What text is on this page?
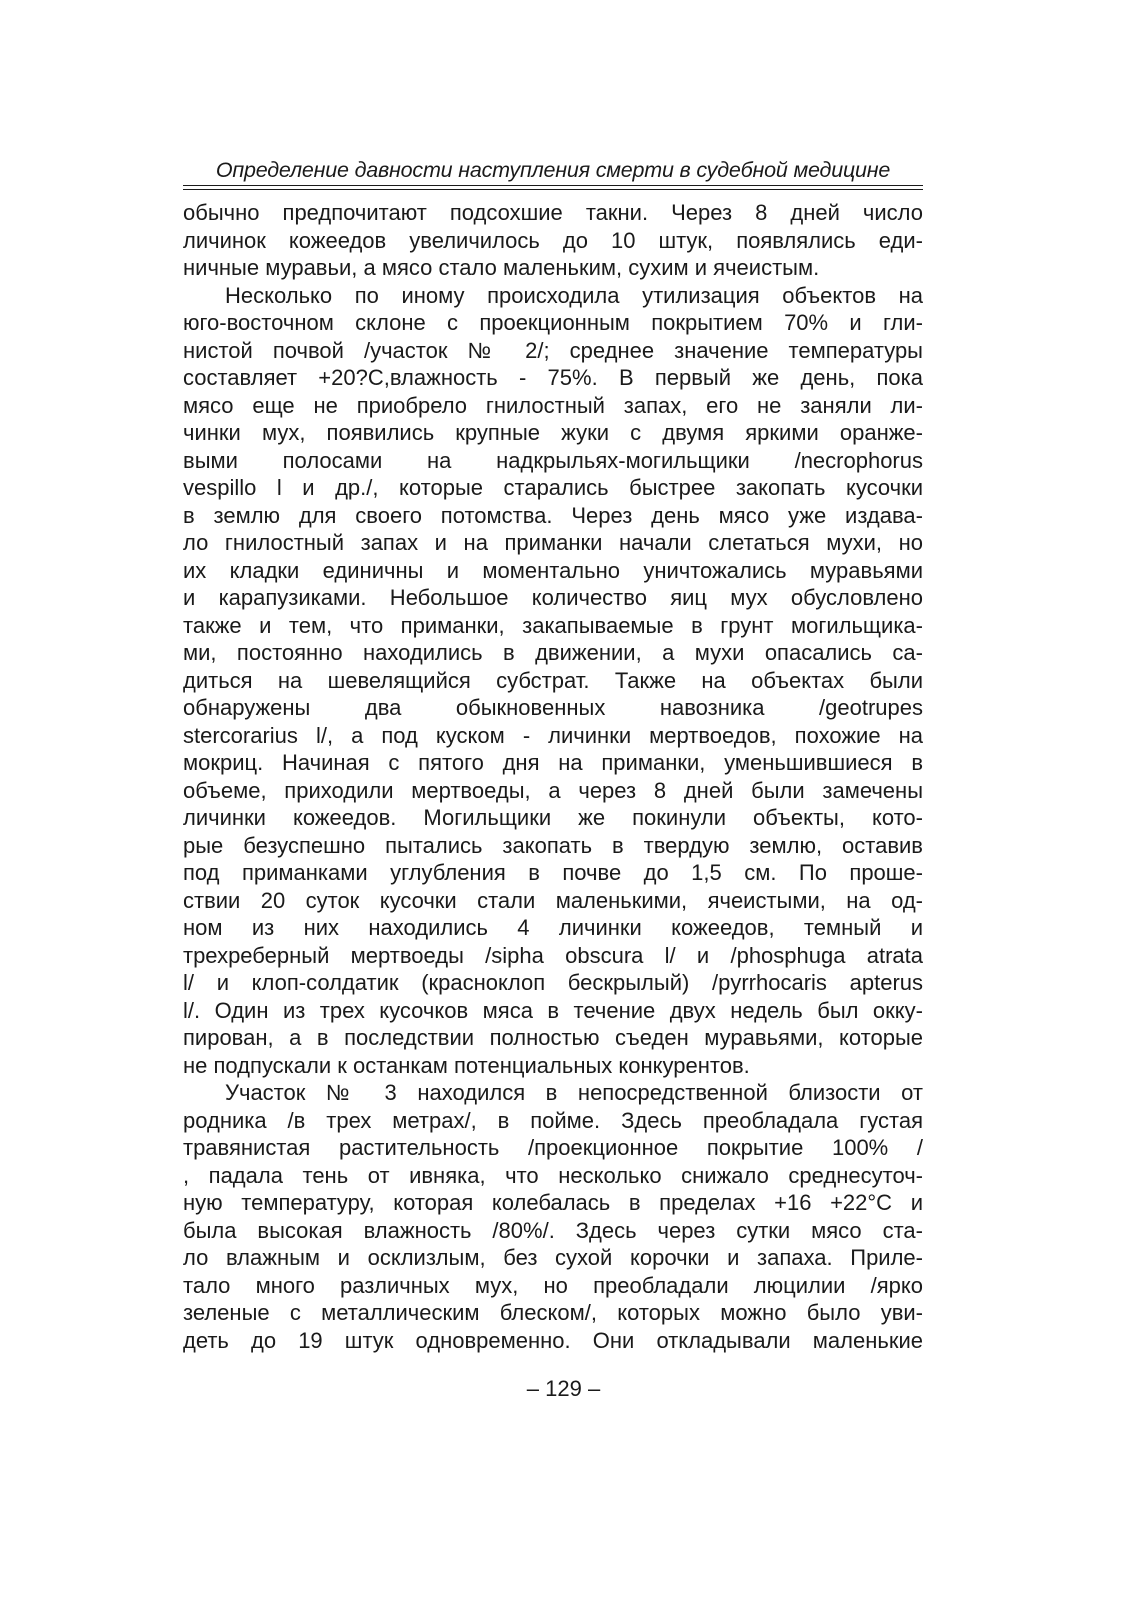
Определение давности наступления смерти в судебной медицине
обычно предпочитают подсохшие такни. Через 8 дней число
личинок кожеедов увеличилось до 10 штук, появлялись еди-
ничные муравьи, а мясо стало маленьким, сухим и ячеистым.
Несколько по иному происходила утилизация объектов на
юго-восточном склоне с проекционным покрытием 70% и гли-
нистой почвой /участок № 2/; среднее значение температуры
составляет +20?С,влажность - 75%. В первый же день, пока
мясо еще не приобрело гнилостный запах, его не заняли ли-
чинки мух, появились крупные жуки с двумя яркими оранже-
выми полосами на надкрыльях-могильщики /necrophorus
vespillo l и др./, которые старались быстрее закопать кусочки
в землю для своего потомства. Через день мясо уже издава-
ло гнилостный запах и на приманки начали слетаться мухи, но
их кладки единичны и моментально уничтожались муравьями
и карапузиками. Небольшое количество яиц мух обусловлено
также и тем, что приманки, закапываемые в грунт могильщика-
ми, постоянно находились в движении, а мухи опасались са-
диться на шевелящийся субстрат. Также на объектах были
обнаружены два обыкновенных навозника /geotrupes
stercorarius l/, а под куском - личинки мертвоедов, похожие на
мокриц. Начиная с пятого дня на приманки, уменьшившиеся в
объеме, приходили мертвоеды, а через 8 дней были замечены
личинки кожеедов. Могильщики же покинули объекты, кото-
рые безуспешно пытались закопать в твердую землю, оставив
под приманками углубления в почве до 1,5 см. По проше-
ствии 20 суток кусочки стали маленькими, ячеистыми, на од-
ном из них находились 4 личинки кожеедов, темный и
трехреберный мертвоеды /sipha obscura l/ и /phosphuga atrata
l/ и клоп-солдатик (красноклоп бескрылый) /pyrrhocaris apterus
l/. Один из трех кусочков мяса в течение двух недель был окку-
пирован, а в последствии полностью съеден муравьями, которые
не подпускали к останкам потенциальных конкурентов.
Участок № 3 находился в непосредственной близости от
родника /в трех метрах/, в пойме. Здесь преобладала густая
травянистая растительность /проекционное покрытие 100% /
, падала тень от ивняка, что несколько снижало среднесуточ-
ную температуру, которая колебалась в пределах +16 +22°С и
была высокая влажность /80%/. Здесь через сутки мясо ста-
ло влажным и осклизлым, без сухой корочки и запаха. Приле-
тало много различных мух, но преобладали люцилии /ярко
зеленые с металлическим блеском/, которых можно было уви-
деть до 19 штук одновременно. Они откладывали маленькие
– 129 –
